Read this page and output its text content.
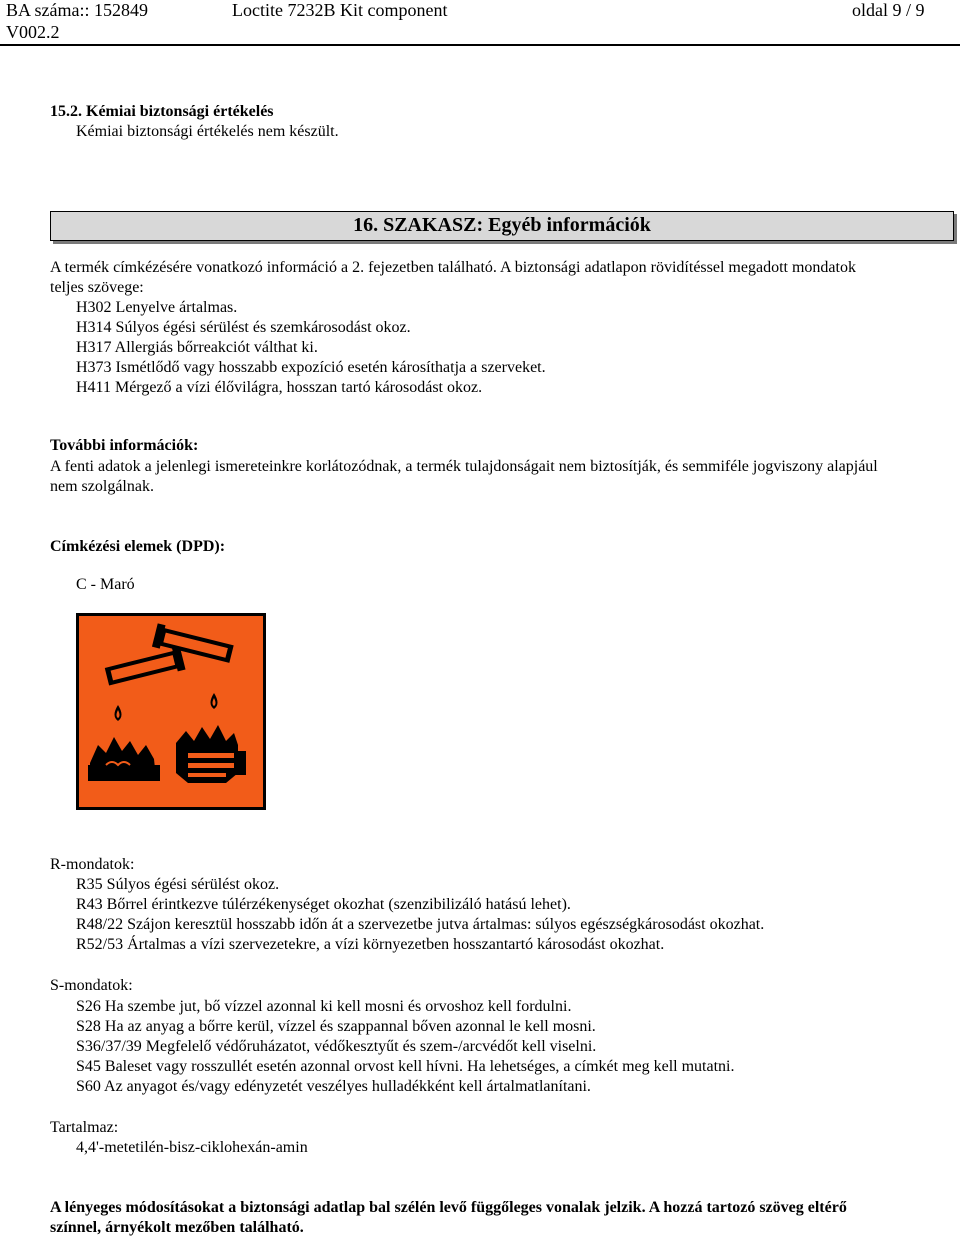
BA száma:: 152849
V002.2
Loctite 7232B Kit component	oldal 9 / 9
15.2. Kémiai biztonsági értékelés
Kémiai biztonsági értékelés nem készült.
16. SZAKASZ: Egyéb információk
A termék címkézésére vonatkozó információ a 2. fejezetben található. A biztonsági adatlapon rövidítéssel megadott mondatok
teljes szövege:
H302 Lenyelve ártalmas.
H314 Súlyos égési sérülést és szemkárosodást okoz.
H317 Allergiás bőrreakciót válthat ki.
H373 Ismétlődő vagy hosszabb expozíció esetén károsíthatja a szerveket.
H411 Mérgező a vízi élővilágra, hosszan tartó károsodást okoz.
További információk:
A fenti adatok a jelenlegi ismereteinkre korlátozódnak, a termék tulajdonságait nem biztosítják, és semmiféle jogviszony alapjául
nem szolgálnak.
Címkézési elemek (DPD):
C - Maró
R-mondatok:
R35 Súlyos égési sérülést okoz.
R43 Bőrrel érintkezve túlérzékenységet okozhat (szenzibilizáló hatású lehet).
R48/22 Szájon keresztül hosszabb időn át a szervezetbe jutva ártalmas: súlyos egészségkárosodást okozhat.
R52/53 Ártalmas a vízi szervezetekre, a vízi környezetben hosszantartó károsodást okozhat.
S-mondatok:
S26 Ha szembe jut, bő vízzel azonnal ki kell mosni és orvoshoz kell fordulni.
S28 Ha az anyag a bőrre kerül, vízzel és szappannal bőven azonnal le kell mosni.
S36/37/39 Megfelelő védőruházatot, védőkesztyűt és szem-/arcvédőt kell viselni.
S45 Baleset vagy rosszullét esetén azonnal orvost kell hívni. Ha lehetséges, a címkét meg kell mutatni.
S60 Az anyagot és/vagy edényzetét veszélyes hulladékként kell ártalmatlanítani.
Tartalmaz:
4,4'-metetilén-bisz-ciklohexán-amin
A lényeges módosításokat a biztonsági adatlap bal szélén levő függőleges vonalak jelzik. A hozzá tartozó szöveg eltérő
színnel, árnyékolt mezőben található.
